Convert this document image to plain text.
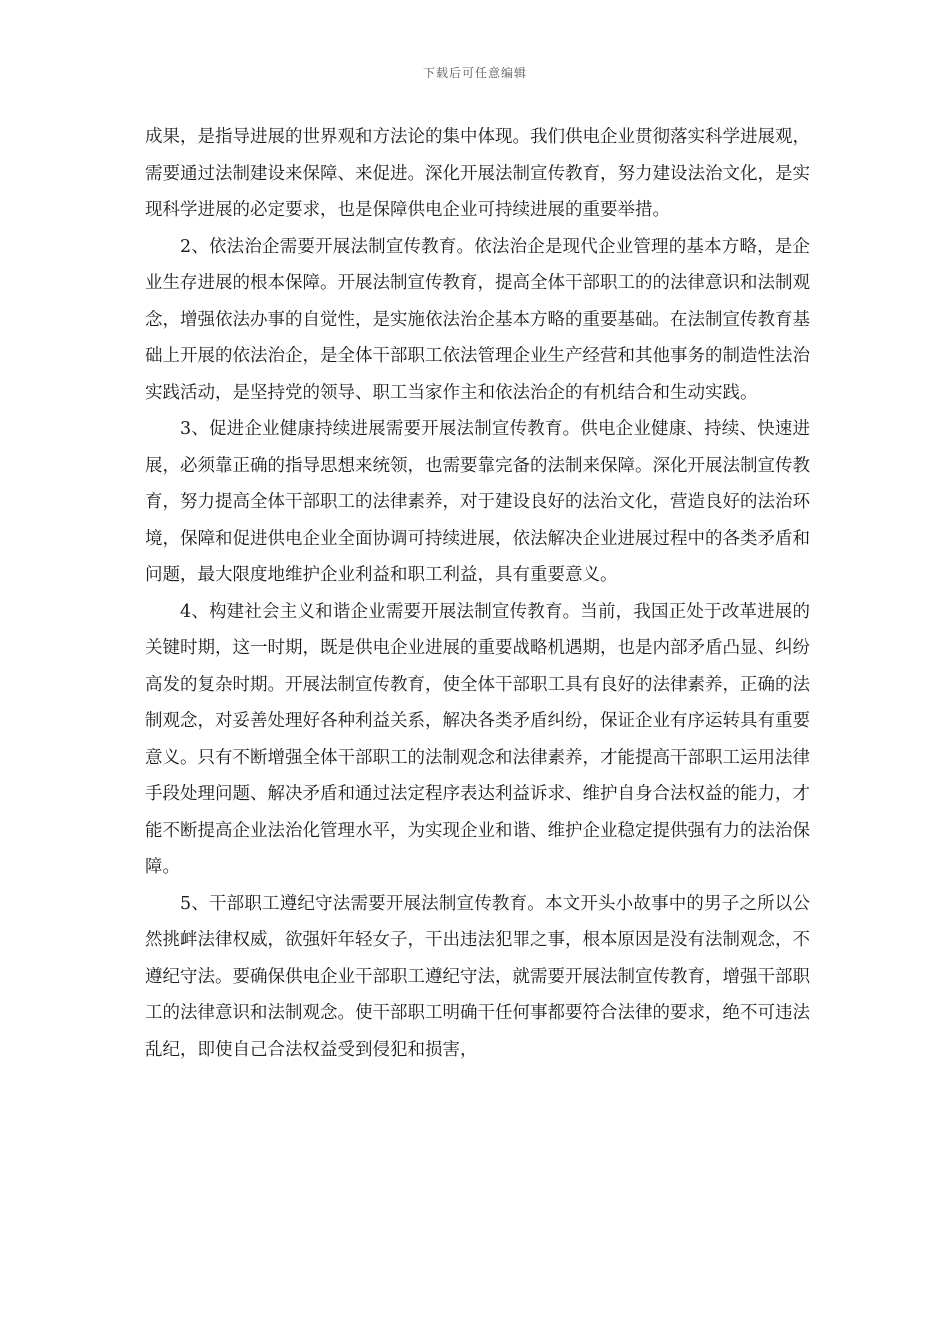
下载后可任意编辑

成果，是指导进展的世界观和方法论的集中体现。我们供电企业贯彻落实科学进展观，需要通过法制建设来保障、来促进。深化开展法制宣传教育，努力建设法治文化，是实现科学进展的必定要求，也是保障供电企业可持续进展的重要举措。

2、依法治企需要开展法制宣传教育。依法治企是现代企业管理的基本方略，是企业生存进展的根本保障。开展法制宣传教育，提高全体干部职工的的法律意识和法制观念，增强依法办事的自觉性，是实施依法治企基本方略的重要基础。在法制宣传教育基础上开展的依法治企，是全体干部职工依法管理企业生产经营和其他事务的制造性法治实践活动，是坚持党的领导、职工当家作主和依法治企的有机结合和生动实践。

3、促进企业健康持续进展需要开展法制宣传教育。供电企业健康、持续、快速进展，必须靠正确的指导思想来统领，也需要靠完备的法制来保障。深化开展法制宣传教育，努力提高全体干部职工的法律素养，对于建设良好的法治文化，营造良好的法治环境，保障和促进供电企业全面协调可持续进展，依法解决企业进展过程中的各类矛盾和问题，最大限度地维护企业利益和职工利益，具有重要意义。

4、构建社会主义和谐企业需要开展法制宣传教育。当前，我国正处于改革进展的关键时期，这一时期，既是供电企业进展的重要战略机遇期，也是内部矛盾凸显、纠纷高发的复杂时期。开展法制宣传教育，使全体干部职工具有良好的法律素养，正确的法制观念，对妥善处理好各种利益关系，解决各类矛盾纠纷，保证企业有序运转具有重要意义。只有不断增强全体干部职工的法制观念和法律素养，才能提高干部职工运用法律手段处理问题、解决矛盾和通过法定程序表达利益诉求、维护自身合法权益的能力，才能不断提高企业法治化管理水平，为实现企业和谐、维护企业稳定提供强有力的法治保障。

5、干部职工遵纪守法需要开展法制宣传教育。本文开头小故事中的男子之所以公然挑衅法律权威，欲强奸年轻女子，干出违法犯罪之事，根本原因是没有法制观念，不遵纪守法。要确保供电企业干部职工遵纪守法，就需要开展法制宣传教育，增强干部职工的法律意识和法制观念。使干部职工明确干任何事都要符合法律的要求，绝不可违法乱纪，即使自己合法权益受到侵犯和损害，
